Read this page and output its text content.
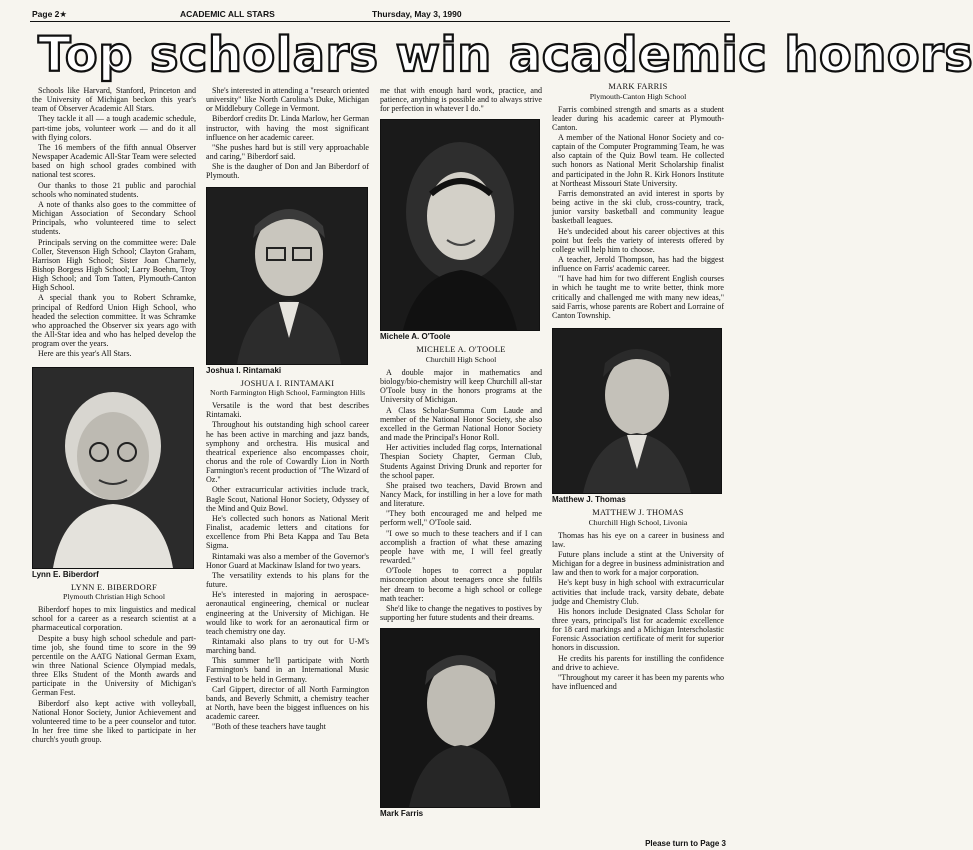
Page 2★	ACADEMIC ALL STARS	Thursday, May 3, 1990
Top scholars win academic honors

Schools like Harvard, Stanford, Princeton and the University of Michigan beckon this year's team of Observer Academic All Stars.

They tackle it all — a tough academic schedule, part-time jobs, volunteer work — and do it all with flying colors.

The 16 members of the fifth annual Observer Newspaper Academic All-Star Team were selected based on high school grades combined with national test scores.

Our thanks to those 21 public and parochial schools who nominated students.

A note of thanks also goes to the committee of Michigan Association of Secondary School Principals, who volunteered time to select students.

Principals serving on the committee were: Dale Coller, Stevenson High School; Clayton Graham, Harrison High School; Sister Joan Charnely, Bishop Borgess High School; Larry Boehm, Troy High School; and Tom Tatten, Plymouth-Canton High School.

A special thank you to Robert Schramke, principal of Redford Union High School, who headed the selection committee. It was Schramke who approached the Observer six years ago with the All-Star idea and who has helped develop the program over the years.

Here are this year's All Stars.

Lynn E. Biberdorf

LYNN E. BIBERDORF

Plymouth Christian High School

Biberdorf hopes to mix linguistics and medical school for a career as a research scientist at a pharmaceutical corporation.

Despite a busy high school schedule and part-time job, she found time to score in the 99 percentile on the AATG National German Exam, win three National Science Olympiad medals, three Elks Student of the Month awards and participate in the University of Michigan's German Fest.

Biberdorf also kept active with volleyball, National Honor Society, Junior Achievement and volunteered time to be a peer counselor and tutor. In her free time she liked to participate in her church's youth group.

She's interested in attending a "research oriented university" like North Carolina's Duke, Michigan or Middlebury College in Vermont.

Biberdorf credits Dr. Linda Marlow, her German instructor, with having the most significant influence on her academic career.

"She pushes hard but is still very approachable and caring," Biberdorf said.

She is the daugher of Don and Jan Biberdorf of Plymouth.

Joshua I. Rintamaki

JOSHUA I. RINTAMAKI

North Farmington High School, Farmington Hills

Versatile is the word that best describes Rintamaki.

Throughout his outstanding high school career he has been active in marching and jazz bands, symphony and orchestra. His musical and theatrical experience also encompasses choir, chorus and the role of Cowardly Lion in North Farmington's recent production of "The Wizard of Oz."

Other extracurricular activities include track, Bagle Scout, National Honor Society, Odyssey of the Mind and Quiz Bowl.

He's collected such honors as National Merit Finalist, academic letters and citations for excellence from Phi Beta Kappa and Tau Beta Sigma.

Rintamaki was also a member of the Governor's Honor Guard at Mackinaw Island for two years.

The versatility extends to his plans for the future.

He's interested in majoring in aerospace-aeronautical engineering, chemical or nuclear engineering at the University of Michigan. He would like to work for an aeronautical firm or teach chemistry one day.

Rintamaki also plans to try out for U-M's marching band.

This summer he'll participate with North Farmington's band in an International Music Festival to be held in Germany.

Carl Gippert, director of all North Farmington bands, and Beverly Schmitt, a chemistry teacher at North, have been the biggest influences on his academic career.

"Both of these teachers have taught

me that with enough hard work, practice, and patience, anything is possible and to always strive for perfection in whatever I do."

Michele A. O'Toole

MICHELE A. O'TOOLE

Churchill High School

A double major in mathematics and biology/bio-chemistry will keep Churchill all-star O'Toole busy in the honors programs at the University of Michigan.

A Class Scholar-Summa Cum Laude and member of the National Honor Society, she also excelled in the German National Honor Society and made the Principal's Honor Roll.

Her activities included flag corps, International Thespian Society Chapter, German Club, Students Against Driving Drunk and reporter for the school paper.

She praised two teachers, David Brown and Nancy Mack, for instilling in her a love for math and literature.

"They both encouraged me and helped me perform well," O'Toole said.

"I owe so much to these teachers and if I can accomplish a fraction of what these amazing people have with me, I will feel greatly rewarded."

O'Toole hopes to correct a popular misconception about teenagers once she fulfils her dream to become a high school or college math teacher:

She'd like to change the negatives to postives by supporting her future students and their dreams.

Mark Farris

MARK FARRIS

Plymouth-Canton High School

Farris combined strength and smarts as a student leader during his academic career at Plymouth-Canton.

A member of the National Honor Society and co-captain of the Computer Programming Team, he was also captain of the Quiz Bowl team. He collected such honors as National Merit Scholarship finalist and participated in the John R. Kirk Honors Institute at Northeast Missouri State University.

Farris demonstrated an avid interest in sports by being active in the ski club, cross-country, track, junior varsity basketball and community league basketball leagues.

He's undecided about his career objectives at this point but feels the variety of interests offered by college will help him to choose.

A teacher, Jerold Thompson, has had the biggest influence on Farris' academic career.

"I have had him for two different English courses in which he taught me to write better, think more critically and challenged me with many new ideas," said Farris, whose parents are Robert and Lorraine of Canton Township.

Matthew J. Thomas

MATTHEW J. THOMAS

Churchill High School, Livonia

Thomas has his eye on a career in business and law.

Future plans include a stint at the University of Michigan for a degree in business administration and law and then to work for a major corporation.

He's kept busy in high school with extracurricular activities that include track, varsity debate, debate judge and Chemistry Club.

His honors include Designated Class Scholar for three years, principal's list for academic excellence for 18 card markings and a Michigan Interscholastic Forensic Association certificate of merit for superior honors in discussion.

He credits his parents for instilling the confidence and drive to achieve.

"Throughout my career it has been my parents who have influenced and

Please turn to Page 3
